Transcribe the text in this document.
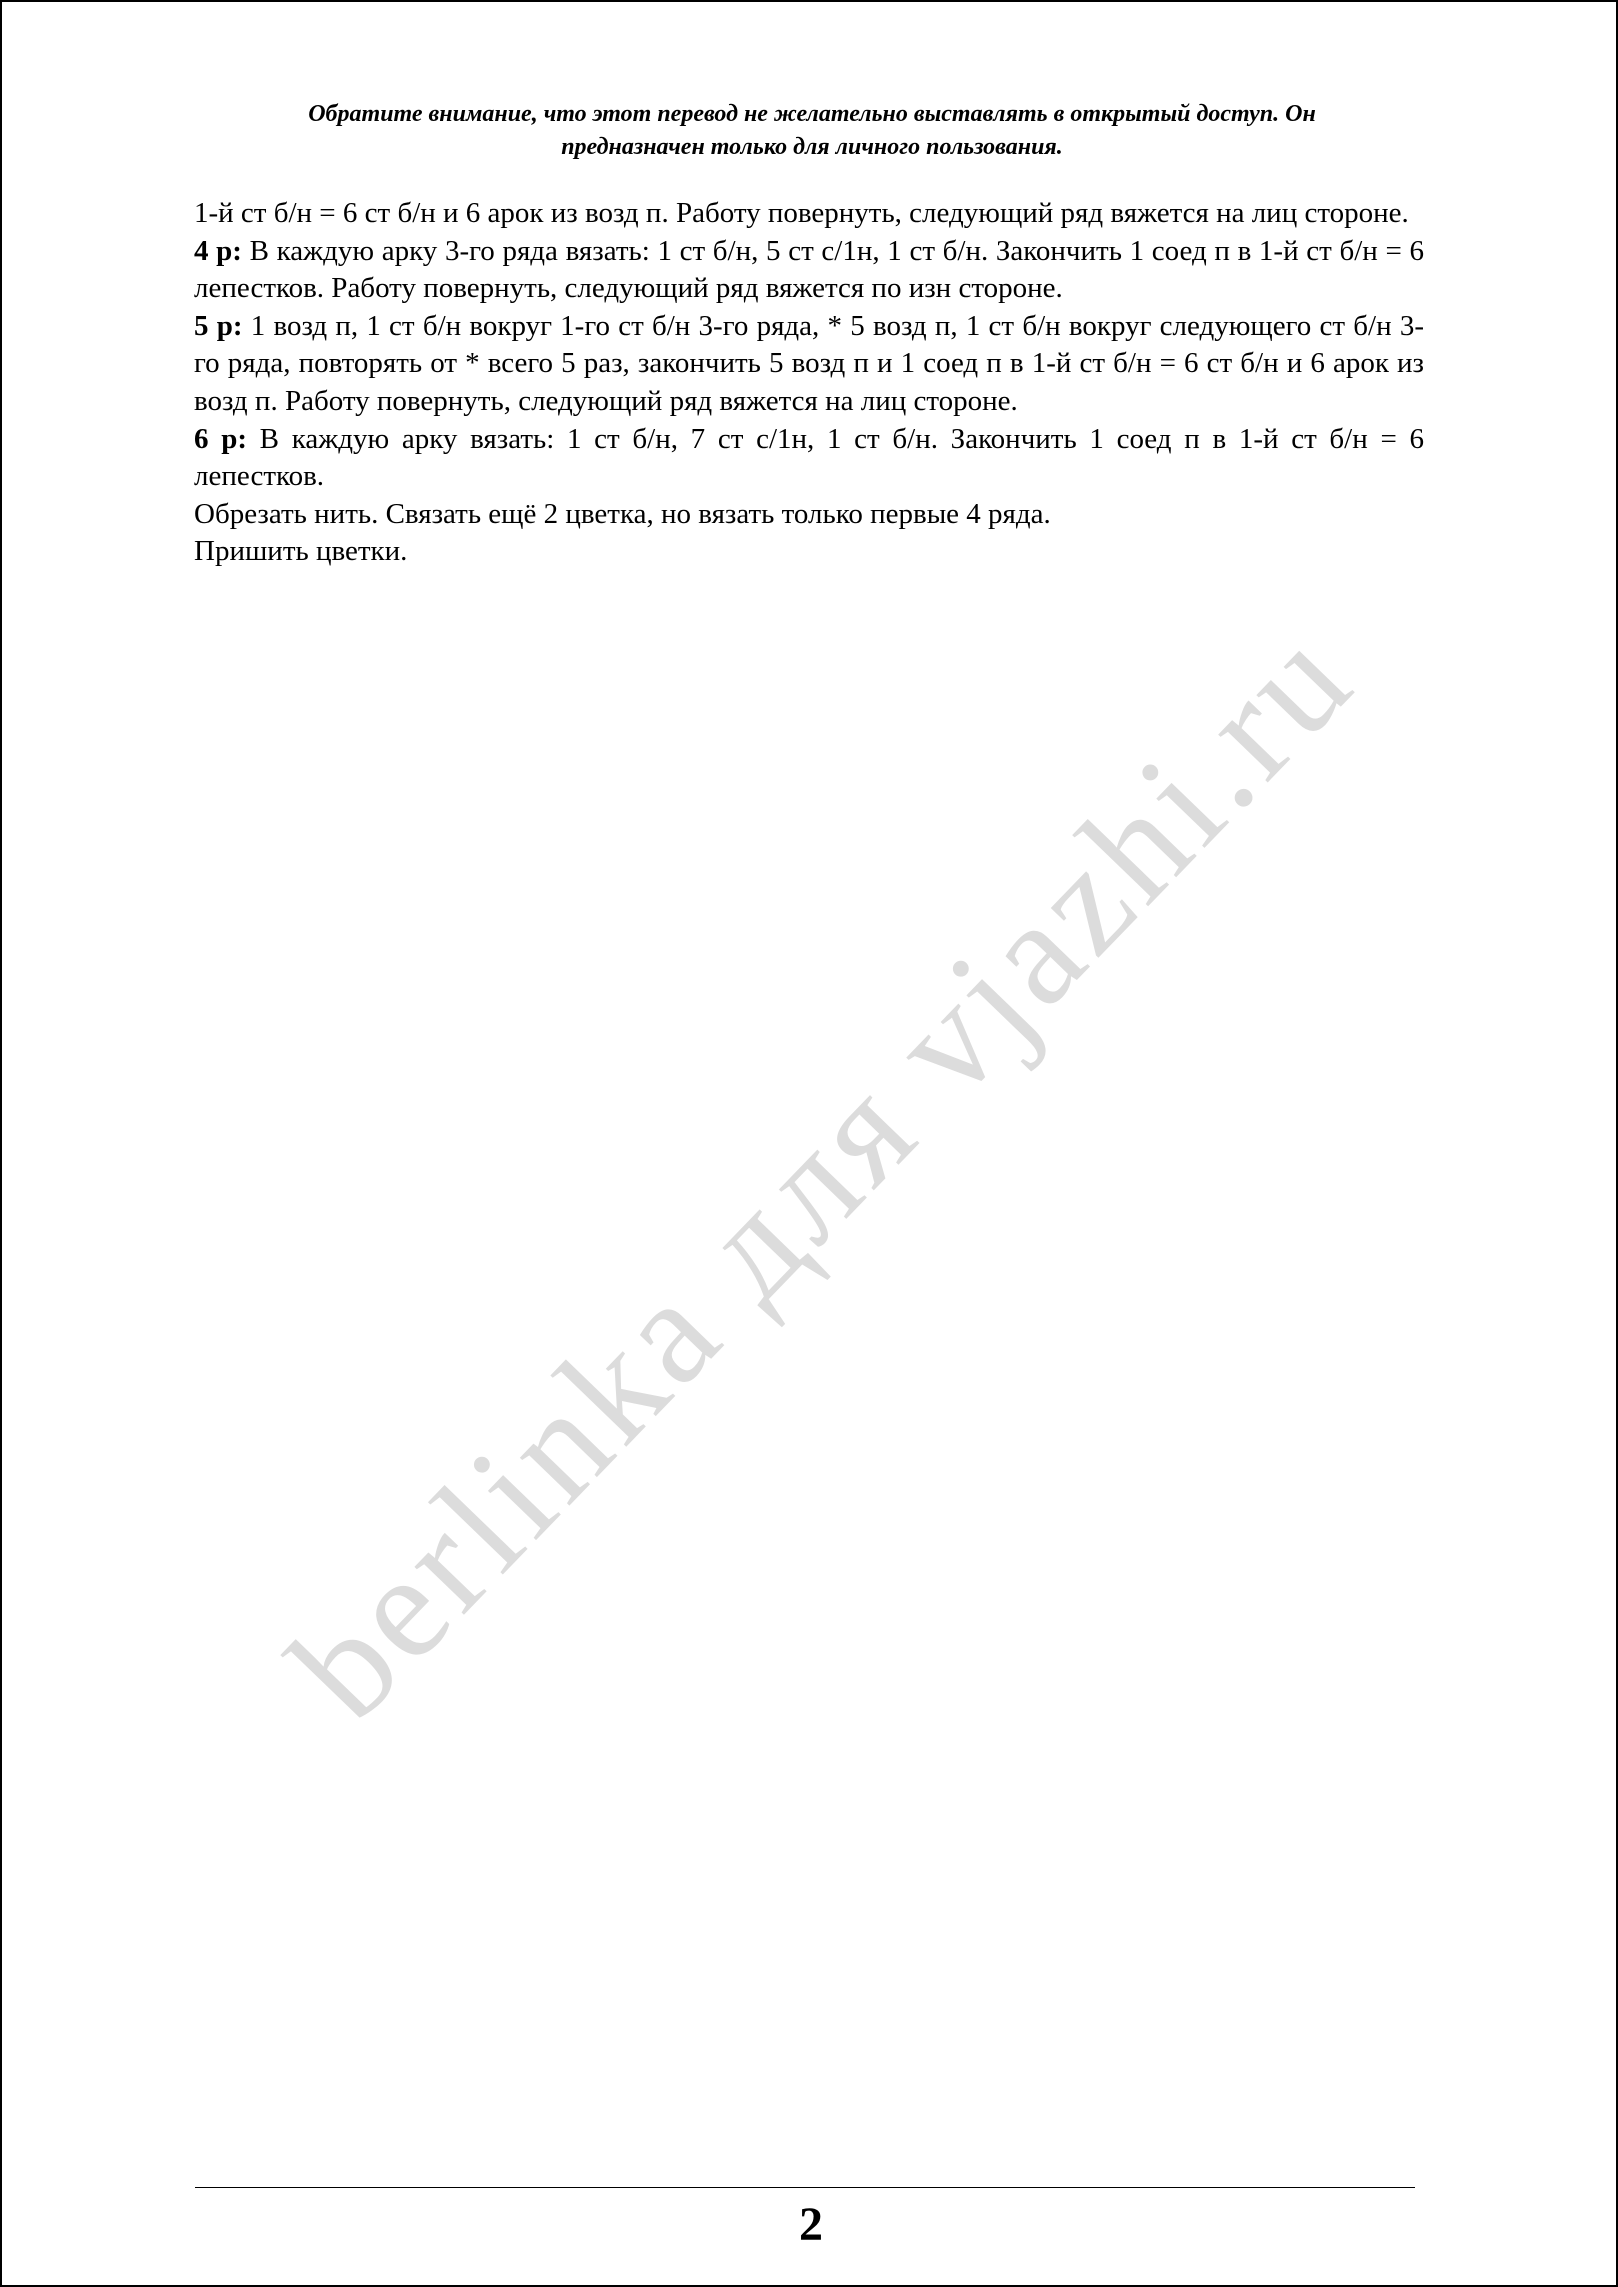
berlinka для vjazhi.ru
Обратите внимание, что этот перевод не желательно выставлять в открытый доступ. Он
предназначен только для личного пользования.

1-й ст б/н = 6 ст б/н и 6 арок из возд п. Работу повернуть, следующий ряд вяжется на лиц стороне.

4 р: В каждую арку 3-го ряда вязать: 1 ст б/н, 5 ст с/1н, 1 ст б/н. Закончить 1 соед п в 1-й ст б/н = 6 лепестков. Работу повернуть, следующий ряд вяжется по изн стороне.

5 р: 1 возд п, 1 ст б/н вокруг 1-го ст б/н 3-го ряда, * 5 возд п, 1 ст б/н вокруг следующего ст б/н 3-го ряда, повторять от * всего 5 раз, закончить 5 возд п и 1 соед п в 1-й ст б/н = 6 ст б/н и 6 арок из возд п. Работу повернуть, следующий ряд вяжется на лиц стороне.

6 р: В каждую арку вязать: 1 ст б/н, 7 ст с/1н, 1 ст б/н. Закончить 1 соед п в 1-й ст б/н = 6 лепестков.

Обрезать нить. Связать ещё 2 цветка, но вязать только первые 4 ряда.

Пришить цветки.

2
